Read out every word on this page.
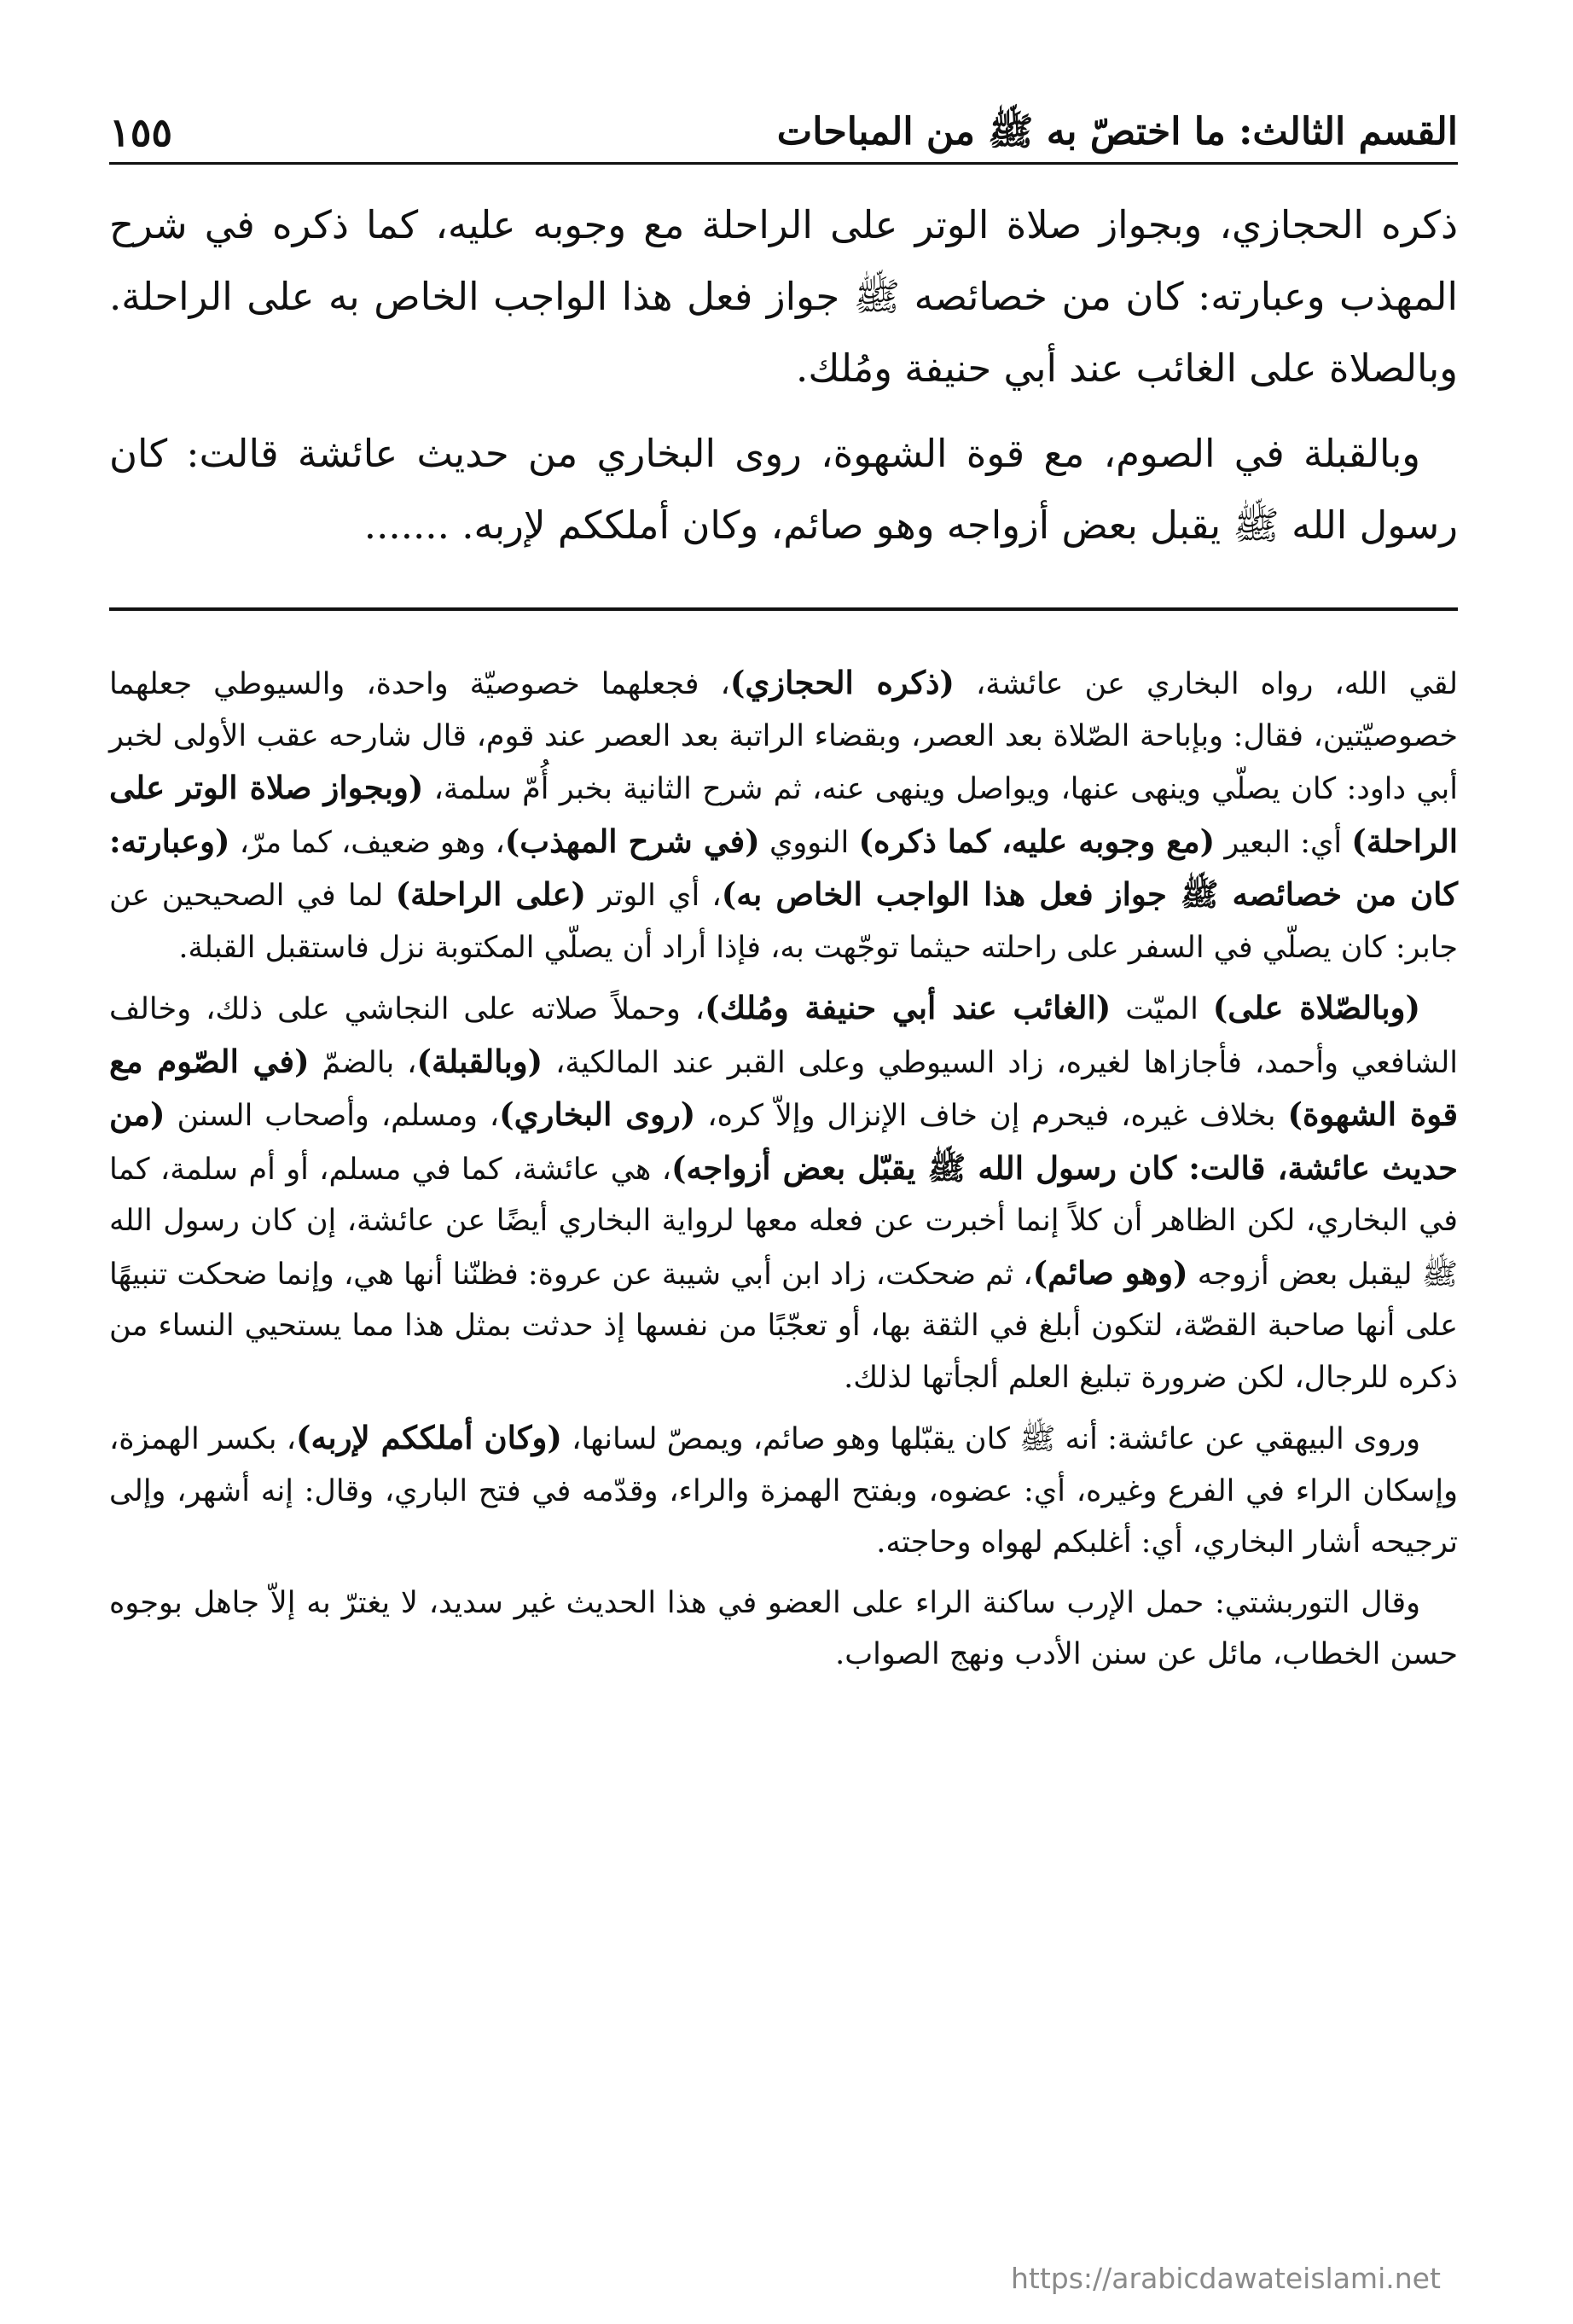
القسم الثالث: ما اختصّ به ﷺ من المباحات
١٥٥

ذكره الحجازي، وبجواز صلاة الوتر على الراحلة مع وجوبه عليه، كما ذكره في شرح المهذب وعبارته: كان من خصائصه ﷺ جواز فعل هذا الواجب الخاص به على الراحلة. وبالصلاة على الغائب عند أبي حنيفة ومُلك.

وبالقبلة في الصوم، مع قوة الشهوة، روى البخاري من حديث عائشة قالت: كان رسول الله ﷺ يقبل بعض أزواجه وهو صائم، وكان أملككم لإربه. .......

لقي الله، رواه البخاري عن عائشة، (ذكره الحجازي)، فجعلهما خصوصيّة واحدة، والسيوطي جعلهما خصوصيّتين، فقال: وبإباحة الصّلاة بعد العصر، وبقضاء الراتبة بعد العصر عند قوم، قال شارحه عقب الأولى لخبر أبي داود: كان يصلّي وينهى عنها، ويواصل وينهى عنه، ثم شرح الثانية بخبر أُمّ سلمة، (وبجواز صلاة الوتر على الراحلة) أي: البعير (مع وجوبه عليه، كما ذكره) النووي (في شرح المهذب)، وهو ضعيف، كما مرّ، (وعبارته: كان من خصائصه ﷺ جواز فعل هذا الواجب الخاص به)، أي الوتر (على الراحلة) لما في الصحيحين عن جابر: كان يصلّي في السفر على راحلته حيثما توجّهت به، فإذا أراد أن يصلّي المكتوبة نزل فاستقبل القبلة.

(وبالصّلاة على) الميّت (الغائب عند أبي حنيفة ومُلك)، وحملاً صلاته على النجاشي على ذلك، وخالف الشافعي وأحمد، فأجازاها لغيره، زاد السيوطي وعلى القبر عند المالكية، (وبالقبلة)، بالضمّ (في الصّوم مع قوة الشهوة) بخلاف غيره، فيحرم إن خاف الإنزال وإلاّ كره، (روى البخاري)، ومسلم، وأصحاب السنن (من حديث عائشة، قالت: كان رسول الله ﷺ يقبّل بعض أزواجه)، هي عائشة، كما في مسلم، أو أم سلمة، كما في البخاري، لكن الظاهر أن كلاً إنما أخبرت عن فعله معها لرواية البخاري أيضًا عن عائشة، إن كان رسول الله ﷺ ليقبل بعض أزوجه (وهو صائم)، ثم ضحكت، زاد ابن أبي شيبة عن عروة: فظنّنا أنها هي، وإنما ضحكت تنبيهًا على أنها صاحبة القصّة، لتكون أبلغ في الثقة بها، أو تعجّبًا من نفسها إذ حدثت بمثل هذا مما يستحيي النساء من ذكره للرجال، لكن ضرورة تبليغ العلم ألجأتها لذلك.

وروى البيهقي عن عائشة: أنه ﷺ كان يقبّلها وهو صائم، ويمصّ لسانها، (وكان أملككم لإربه)، بكسر الهمزة، وإسكان الراء في الفرع وغيره، أي: عضوه، وبفتح الهمزة والراء، وقدّمه في فتح الباري، وقال: إنه أشهر، وإلى ترجيحه أشار البخاري، أي: أغلبكم لهواه وحاجته.

وقال التوربشتي: حمل الإرب ساكنة الراء على العضو في هذا الحديث غير سديد، لا يغترّ به إلاّ جاهل بوجوه حسن الخطاب، مائل عن سنن الأدب ونهج الصواب.

https://arabicdawateislami.net
